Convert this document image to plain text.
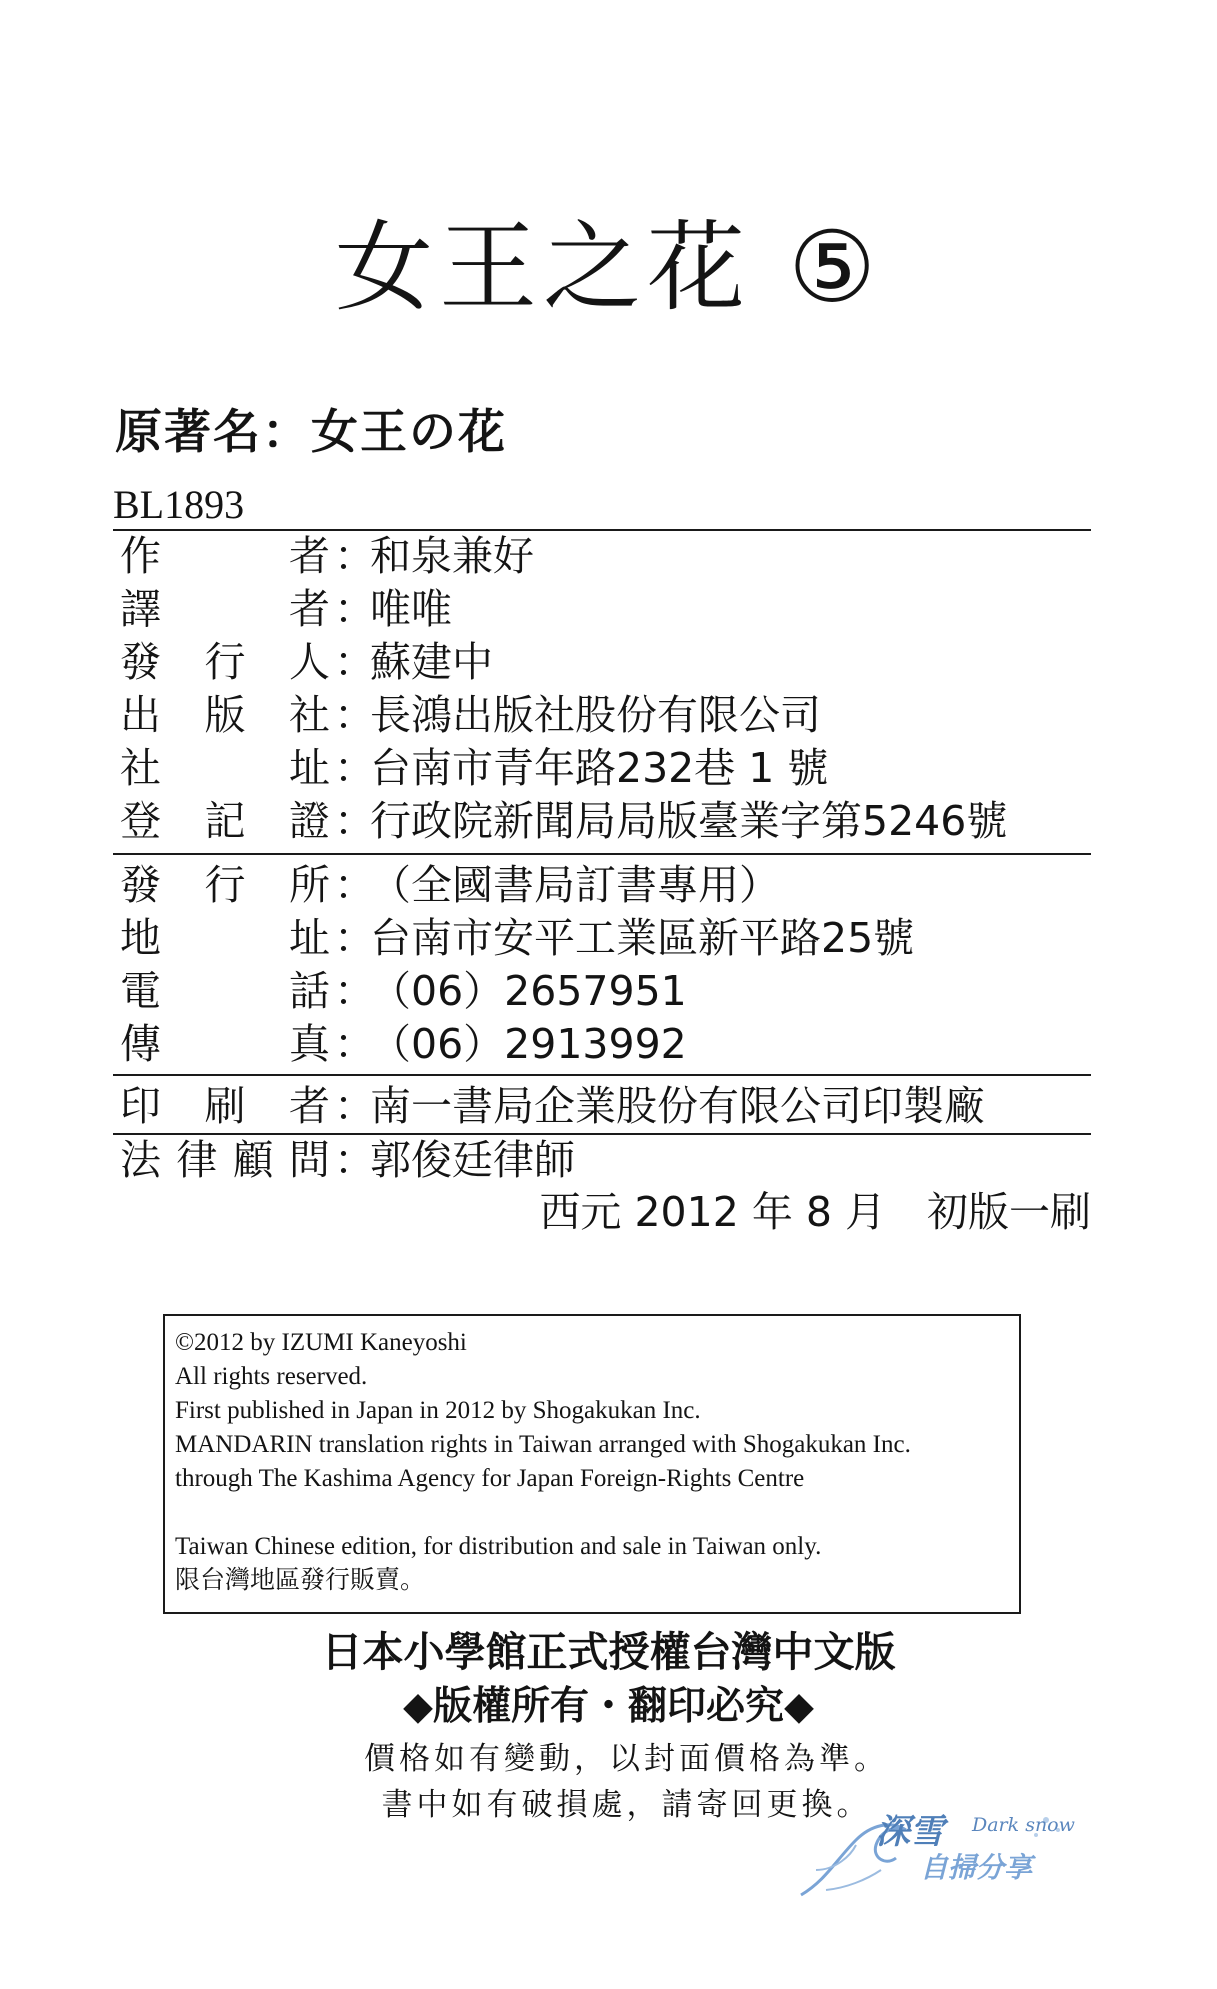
女王之花 ⑤
原著名：女王の花
BL1893
作者 ：
和泉兼好
譯者 ：
唯唯
發行人 ：
蘇建中
出版社 ：
長鴻出版社股份有限公司
社址 ：
台南市青年路232巷 1 號
登記證 ：
行政院新聞局局版臺業字第5246號
發行所 ：
（全國書局訂書專用）
地址 ：
台南市安平工業區新平路25號
電話 ：
（06）2657951
傳真 ：
（06）2913992
印刷者 ：
南一書局企業股份有限公司印製廠
法律顧問 ：
郭俊廷律師
西元 2012 年 8 月　初版一刷
©2012 by IZUMI Kaneyoshi
All rights reserved.
First published in Japan in 2012 by Shogakukan Inc.
MANDARIN translation rights in Taiwan arranged with Shogakukan Inc.
through The Kashima Agency for Japan Foreign-Rights Centre
Taiwan Chinese edition, for distribution and sale in Taiwan only.
限台灣地區發行販賣。
日本小學館正式授權台灣中文版
◆版權所有・翻印必究◆
價格如有變動，以封面價格為準。
書中如有破損處，請寄回更換。
深雪 Dark snow
自掃分享
